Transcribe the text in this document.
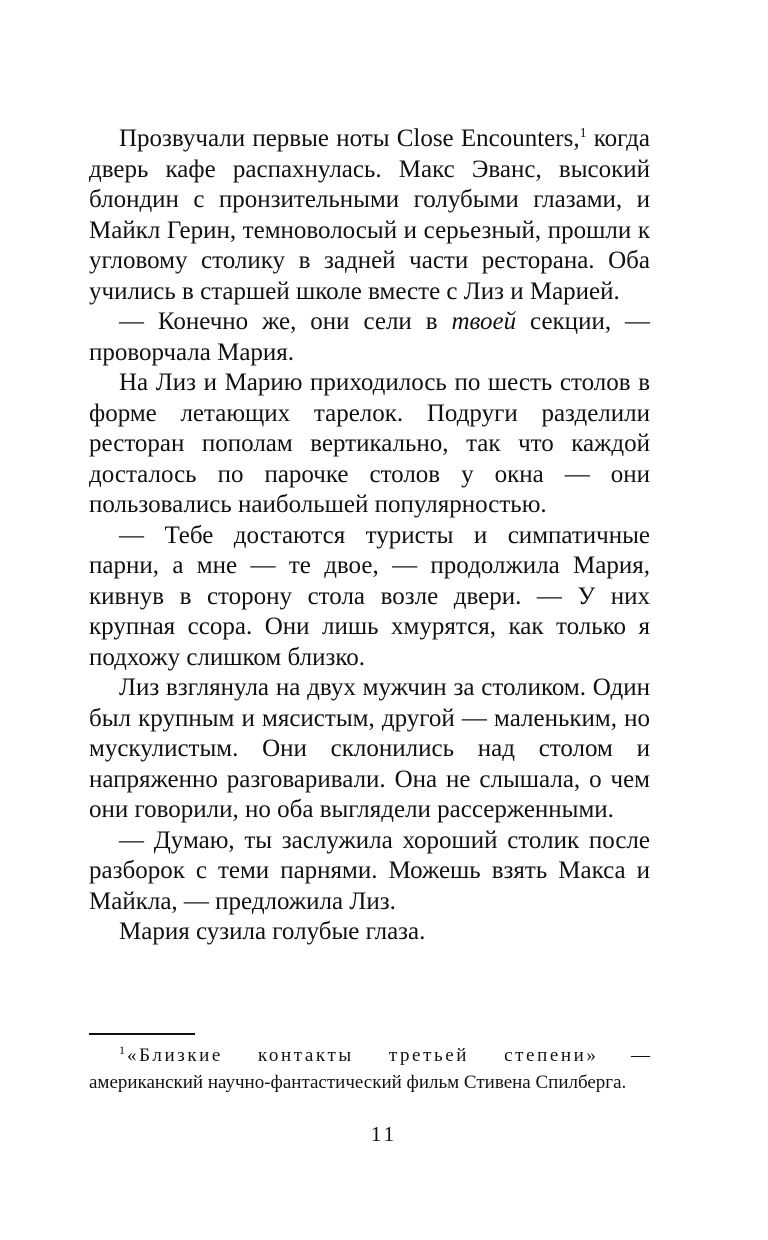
Прозвучали первые ноты Close Encounters,$^1$ когда дверь кафе распахнулась. Макс Эванс, высокий блондин с пронзительными голубыми глазами, и Майкл Герин, темноволосый и серьезный, прошли к угловому столику в задней части ресторана. Оба учились в старшей школе вместе с Лиз и Марией.

— Конечно же, они сели в твоей секции, — проворчала Мария.

На Лиз и Марию приходилось по шесть столов в форме летающих тарелок. Подруги разделили ресторан пополам вертикально, так что каждой досталось по парочке столов у окна — они пользовались наибольшей популярностью.

— Тебе достаются туристы и симпатичные парни, а мне — те двое, — продолжила Мария, кивнув в сторону стола возле двери. — У них крупная ссора. Они лишь хмурятся, как только я подхожу слишком близко.

Лиз взглянула на двух мужчин за столиком. Один был крупным и мясистым, другой — маленьким, но мускулистым. Они склонились над столом и напряженно разговаривали. Она не слышала, о чем они говорили, но оба выглядели рассерженными.

— Думаю, ты заслужила хороший столик после разборок с теми парнями. Можешь взять Макса и Майкла, — предложила Лиз.

Мария сузила голубые глаза.

$^1$ «Близкие контакты третьей степени» — американский научно-фантастический фильм Стивена Спилберга.
11
